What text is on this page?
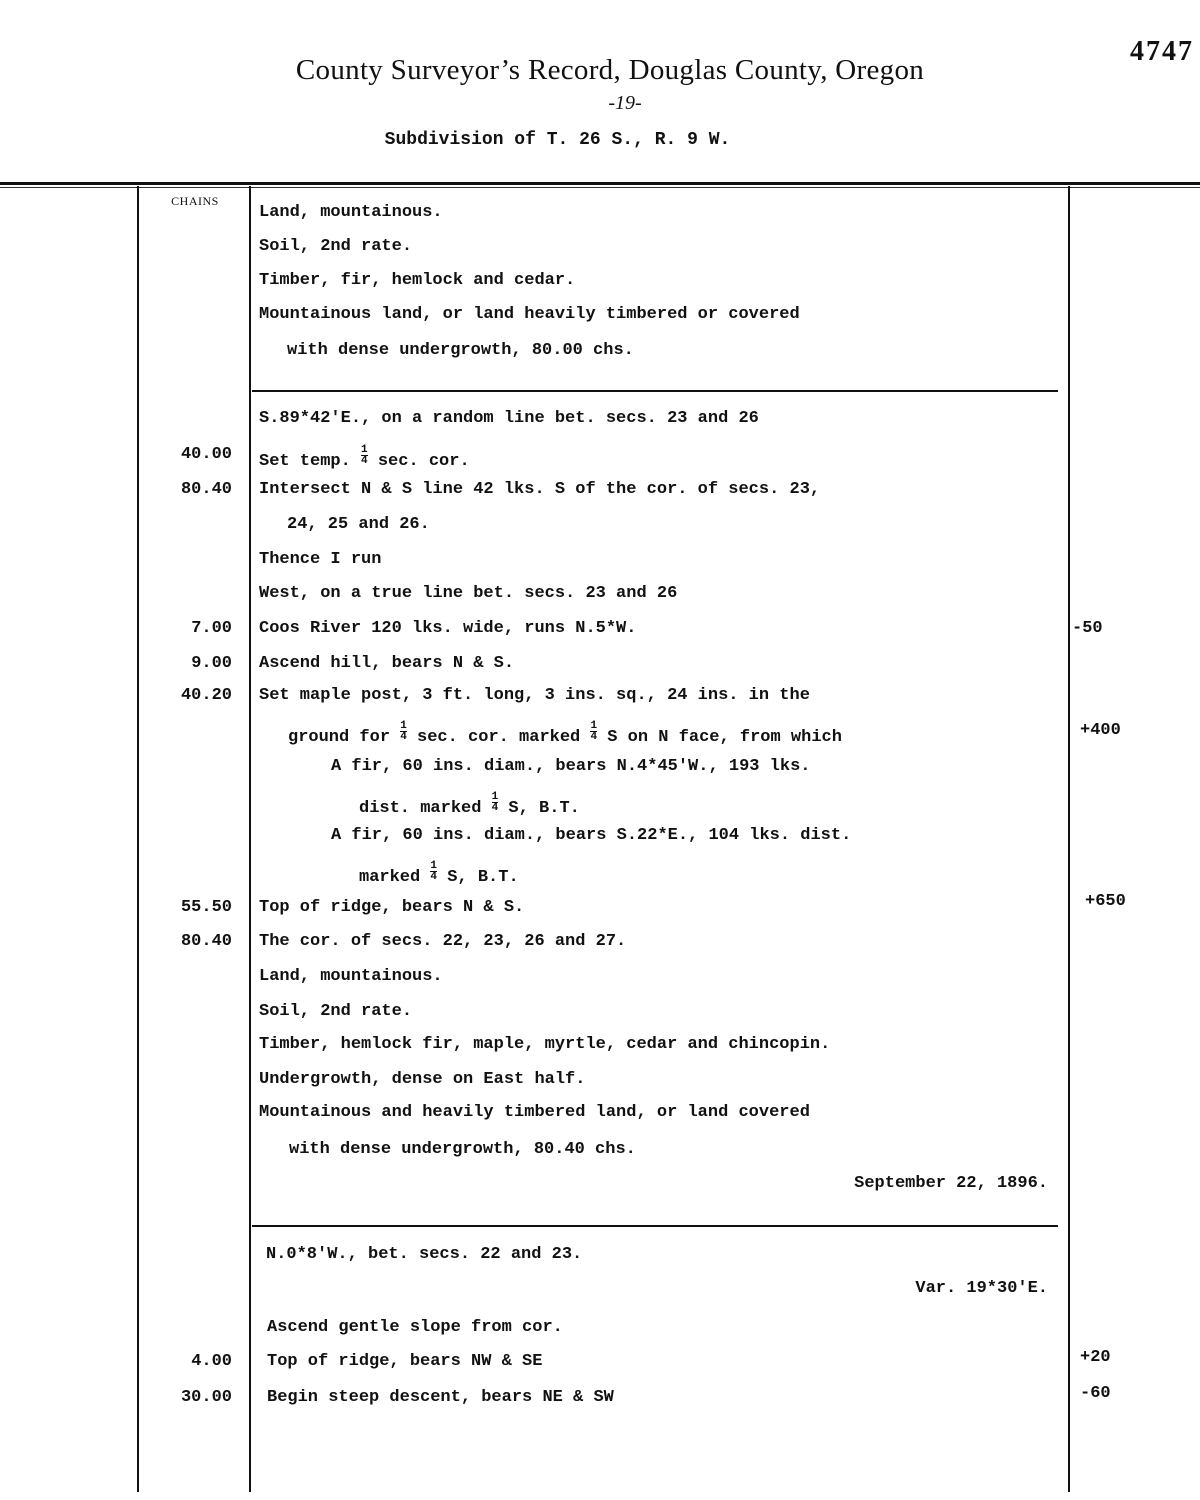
County Surveyor’s Record, Douglas County, Oregon
-19-
4747
Subdivision of T. 26 S., R. 9 W.
CHAINS
Land, mountainous.
Soil, 2nd rate.
Timber, fir, hemlock and cedar.
Mountainous land, or land heavily timbered or covered
with dense undergrowth, 80.00 chs.
S.89*42'E., on a random line bet. secs. 23 and 26
40.00 Set temp. $\frac{1}{4} \sec$. cor.
80.40 Intersect N & S line 42 lks. S of the cor. of secs. 23,
24, 25 and 26.
Thence I run
West, on a true line bet. secs. 23 and 26
7.00 Coos River 120 lks. wide, runs N.5*W.	-50
9.00 Ascend hill, bears N & S.
40.20 Set maple post, 3 ft. long, 3 ins. sq., 24 ins. in the
ground for $\frac{1}{4} \sec$. cor. marked $\frac{1}{4}$ S on N face, from which	+400
A fir, 60 ins. diam., bears N.4*45'W., 193 lks.
dist. marked $\frac{1}{4} S$, B.T.
A fir, 60 ins. diam., bears S.22*E., 104 lks. dist.
marked $\frac{1}{4} S$, B.T.
55.50 Top of ridge, bears N & S.	+650
80.40 The cor. of secs. 22, 23, 26 and 27.
Land, mountainous.
Soil, 2nd rate.
Timber, hemlock fir, maple, myrtle, cedar and chincopin.
Undergrowth, dense on East half.
Mountainous and heavily timbered land, or land covered
with dense undergrowth, 80.40 chs.
September 22, 1896.
N.0*8'W., bet. secs. 22 and 23.
Var. 19*30'E.
Ascend gentle slope from cor.
4.00 Top of ridge, bears NW & SE	+20
30.00 Begin steep descent, bears NE & SW	-60
